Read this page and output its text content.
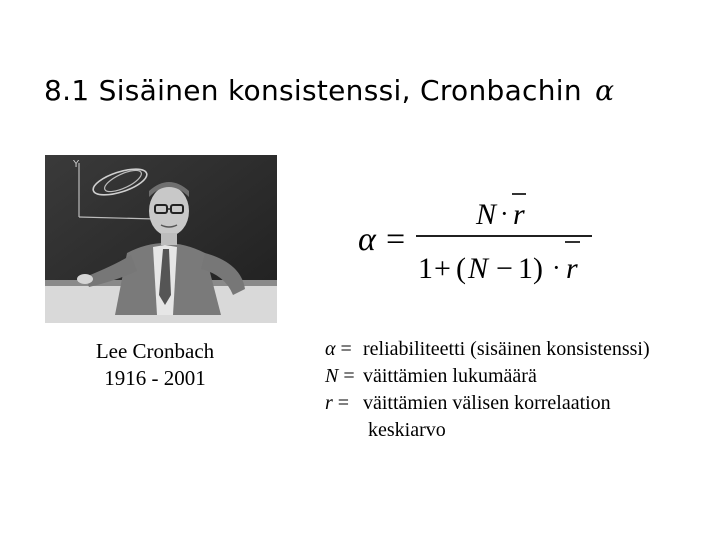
8.1 Sisäinen konsistenssi, Cronbachin α
Y
Lee Cronbach
1916 - 2001
α =
N · r
1 + ( N − 1) · r
α = reliabiliteetti (sisäinen konsistenssi)
N = väittämien lukumäärä
r = väittämien välisen korrelaation
keskiarvo
